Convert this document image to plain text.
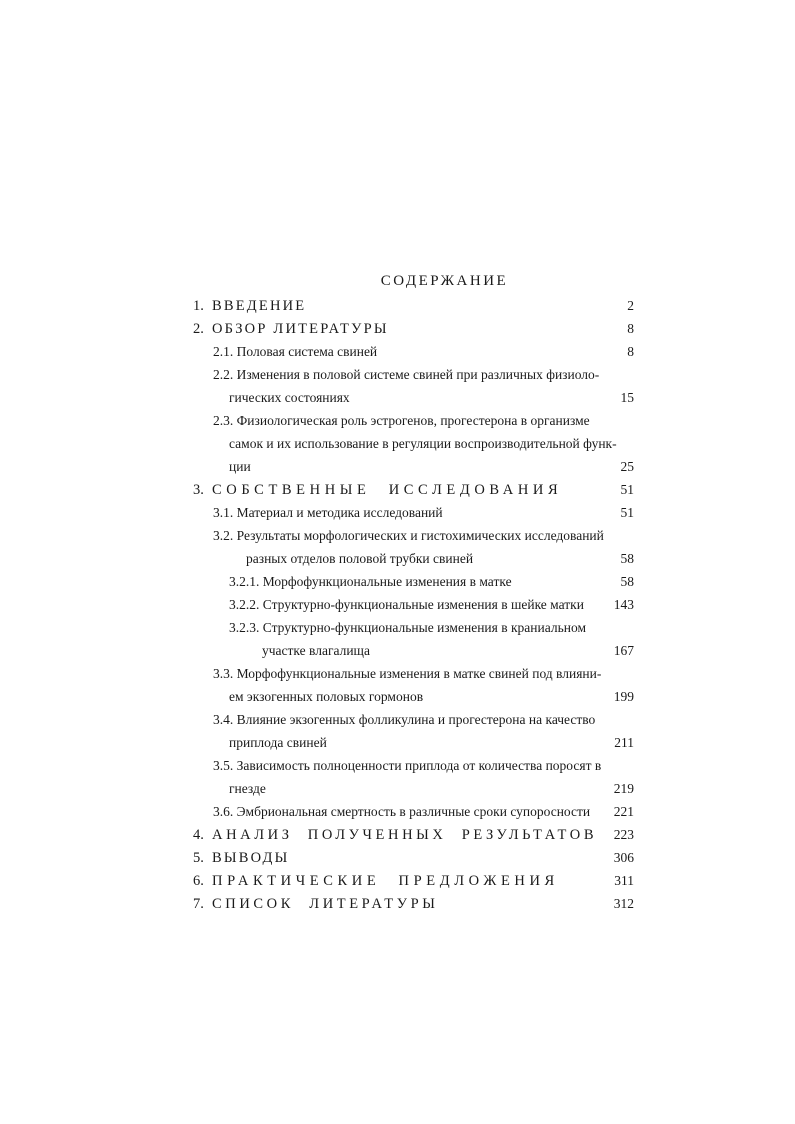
СОДЕРЖАНИЕ
1. ВВЕДЕНИЕ	2
2. ОБЗОР ЛИТЕРАТУРЫ	8
2.1. Половая система свиней	8
2.2. Изменения в половой системе свиней при различных физиоло-
гических состояниях	15
2.3. Физиологическая роль эстрогенов, прогестерона в организме
самок и их использование в регуляции воспроизводительной функ-
ции	25
3. СОБСТВЕННЫЕ ИССЛЕДОВАНИЯ	51
3.1. Материал и методика исследований	51
3.2. Результаты морфологических и гистохимических исследований
разных отделов половой трубки свиней	58
3.2.1. Морфофункциональные изменения в матке	58
3.2.2. Структурно-функциональные изменения в шейке матки	143
3.2.3. Структурно-функциональные изменения в краниальном
участке влагалища	167
3.3. Морфофункциональные изменения в матке свиней под влияни-
ем экзогенных половых гормонов	199
3.4. Влияние экзогенных фолликулина и прогестерона на качество
приплода свиней	211
3.5. Зависимость полноценности приплода от количества поросят в
гнезде	219
3.6. Эмбриональная смертность в различные сроки супоросности	221
4. АНАЛИЗ ПОЛУЧЕННЫХ РЕЗУЛЬТАТОВ	223
5. ВЫВОДЫ	306
6. ПРАКТИЧЕСКИЕ ПРЕДЛОЖЕНИЯ	311
7. СПИСОК ЛИТЕРАТУРЫ	312
